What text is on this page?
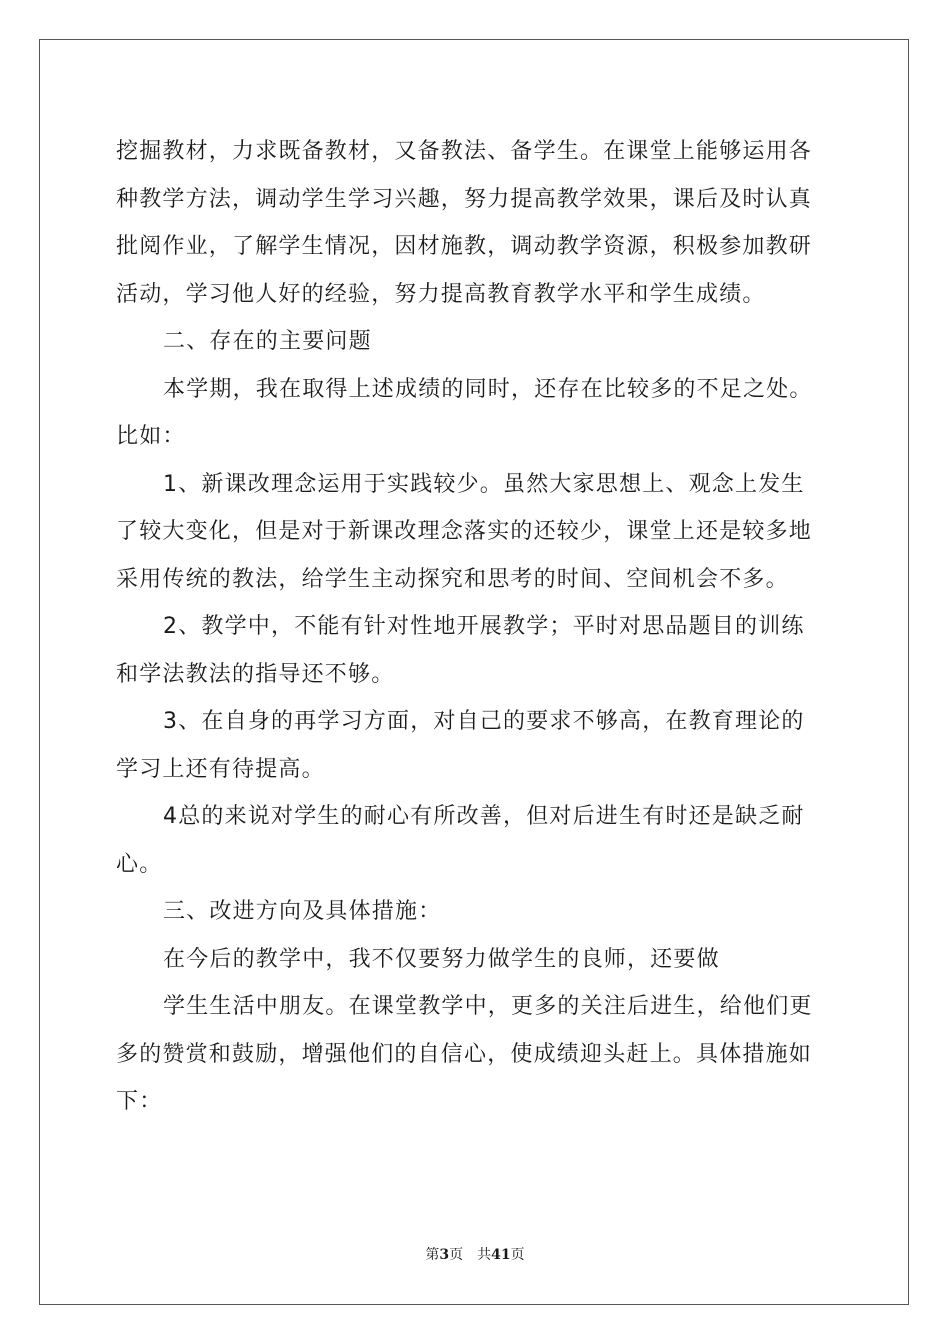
挖掘教材，力求既备教材，又备教法、备学生。在课堂上能够运用各
种教学方法，调动学生学习兴趣，努力提高教学效果，课后及时认真
批阅作业，了解学生情况，因材施教，调动教学资源，积极参加教研
活动，学习他人好的经验，努力提高教育教学水平和学生成绩。
二、存在的主要问题
本学期，我在取得上述成绩的同时，还存在比较多的不足之处。
比如：
1、新课改理念运用于实践较少。虽然大家思想上、观念上发生
了较大变化，但是对于新课改理念落实的还较少，课堂上还是较多地
采用传统的教法，给学生主动探究和思考的时间、空间机会不多。
2、教学中，不能有针对性地开展教学；平时对思品题目的训练
和学法教法的指导还不够。
3、在自身的再学习方面，对自己的要求不够高，在教育理论的
学习上还有待提高。
4总的来说对学生的耐心有所改善，但对后进生有时还是缺乏耐
心。
三、改进方向及具体措施：
在今后的教学中，我不仅要努力做学生的良师，还要做
学生生活中朋友。在课堂教学中，更多的关注后进生，给他们更
多的赞赏和鼓励，增强他们的自信心，使成绩迎头赶上。具体措施如
下：
第3页 共41页
